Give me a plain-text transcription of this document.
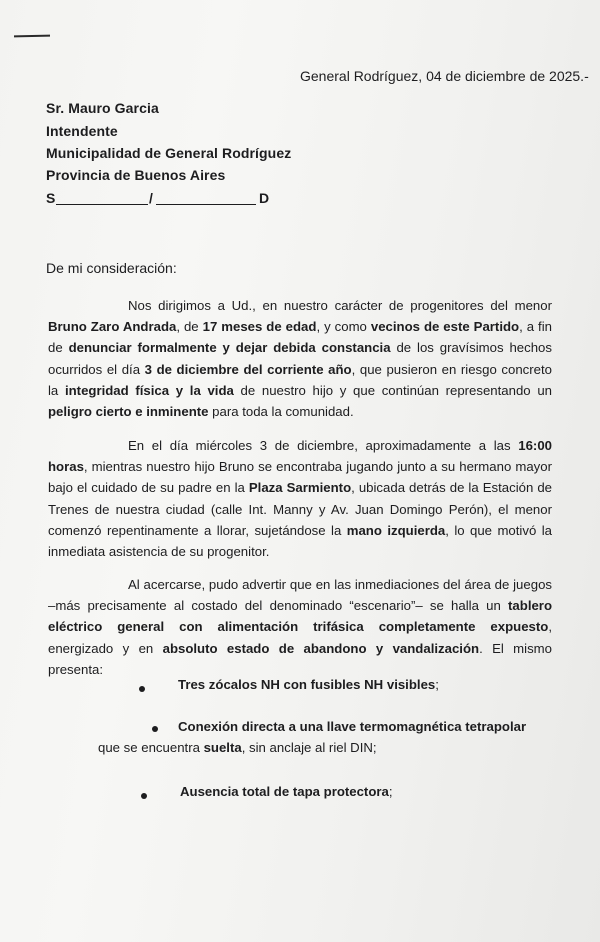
General Rodríguez, 04 de diciembre de 2025.-
Sr. Mauro Garcia
Intendente
Municipalidad de General Rodríguez
Provincia de Buenos Aires
S	/	D
De mi consideración:

Nos dirigimos a Ud., en nuestro carácter de progenitores del menor Bruno Zaro Andrada, de 17 meses de edad, y como vecinos de este Partido, a fin de denunciar formalmente y dejar debida constancia de los gravísimos hechos ocurridos el día 3 de diciembre del corriente año, que pusieron en riesgo concreto la integridad física y la vida de nuestro hijo y que continúan representando un peligro cierto e inminente para toda la comunidad.

En el día miércoles 3 de diciembre, aproximadamente a las 16:00 horas, mientras nuestro hijo Bruno se encontraba jugando junto a su hermano mayor bajo el cuidado de su padre en la Plaza Sarmiento, ubicada detrás de la Estación de Trenes de nuestra ciudad (calle Int. Manny y Av. Juan Domingo Perón), el menor comenzó repentinamente a llorar, sujetándose la mano izquierda, lo que motivó la inmediata asistencia de su progenitor.

Al acercarse, pudo advertir que en las inmediaciones del área de juegos –más precisamente al costado del denominado “escenario”– se halla un tablero eléctrico general con alimentación trifásica completamente expuesto, energizado y en absoluto estado de abandono y vandalización. El mismo presenta:

Tres zócalos NH con fusibles NH visibles;
Conexión directa a una llave termomagnética tetrapolar que se encuentra suelta, sin anclaje al riel DIN;
Ausencia total de tapa protectora;
